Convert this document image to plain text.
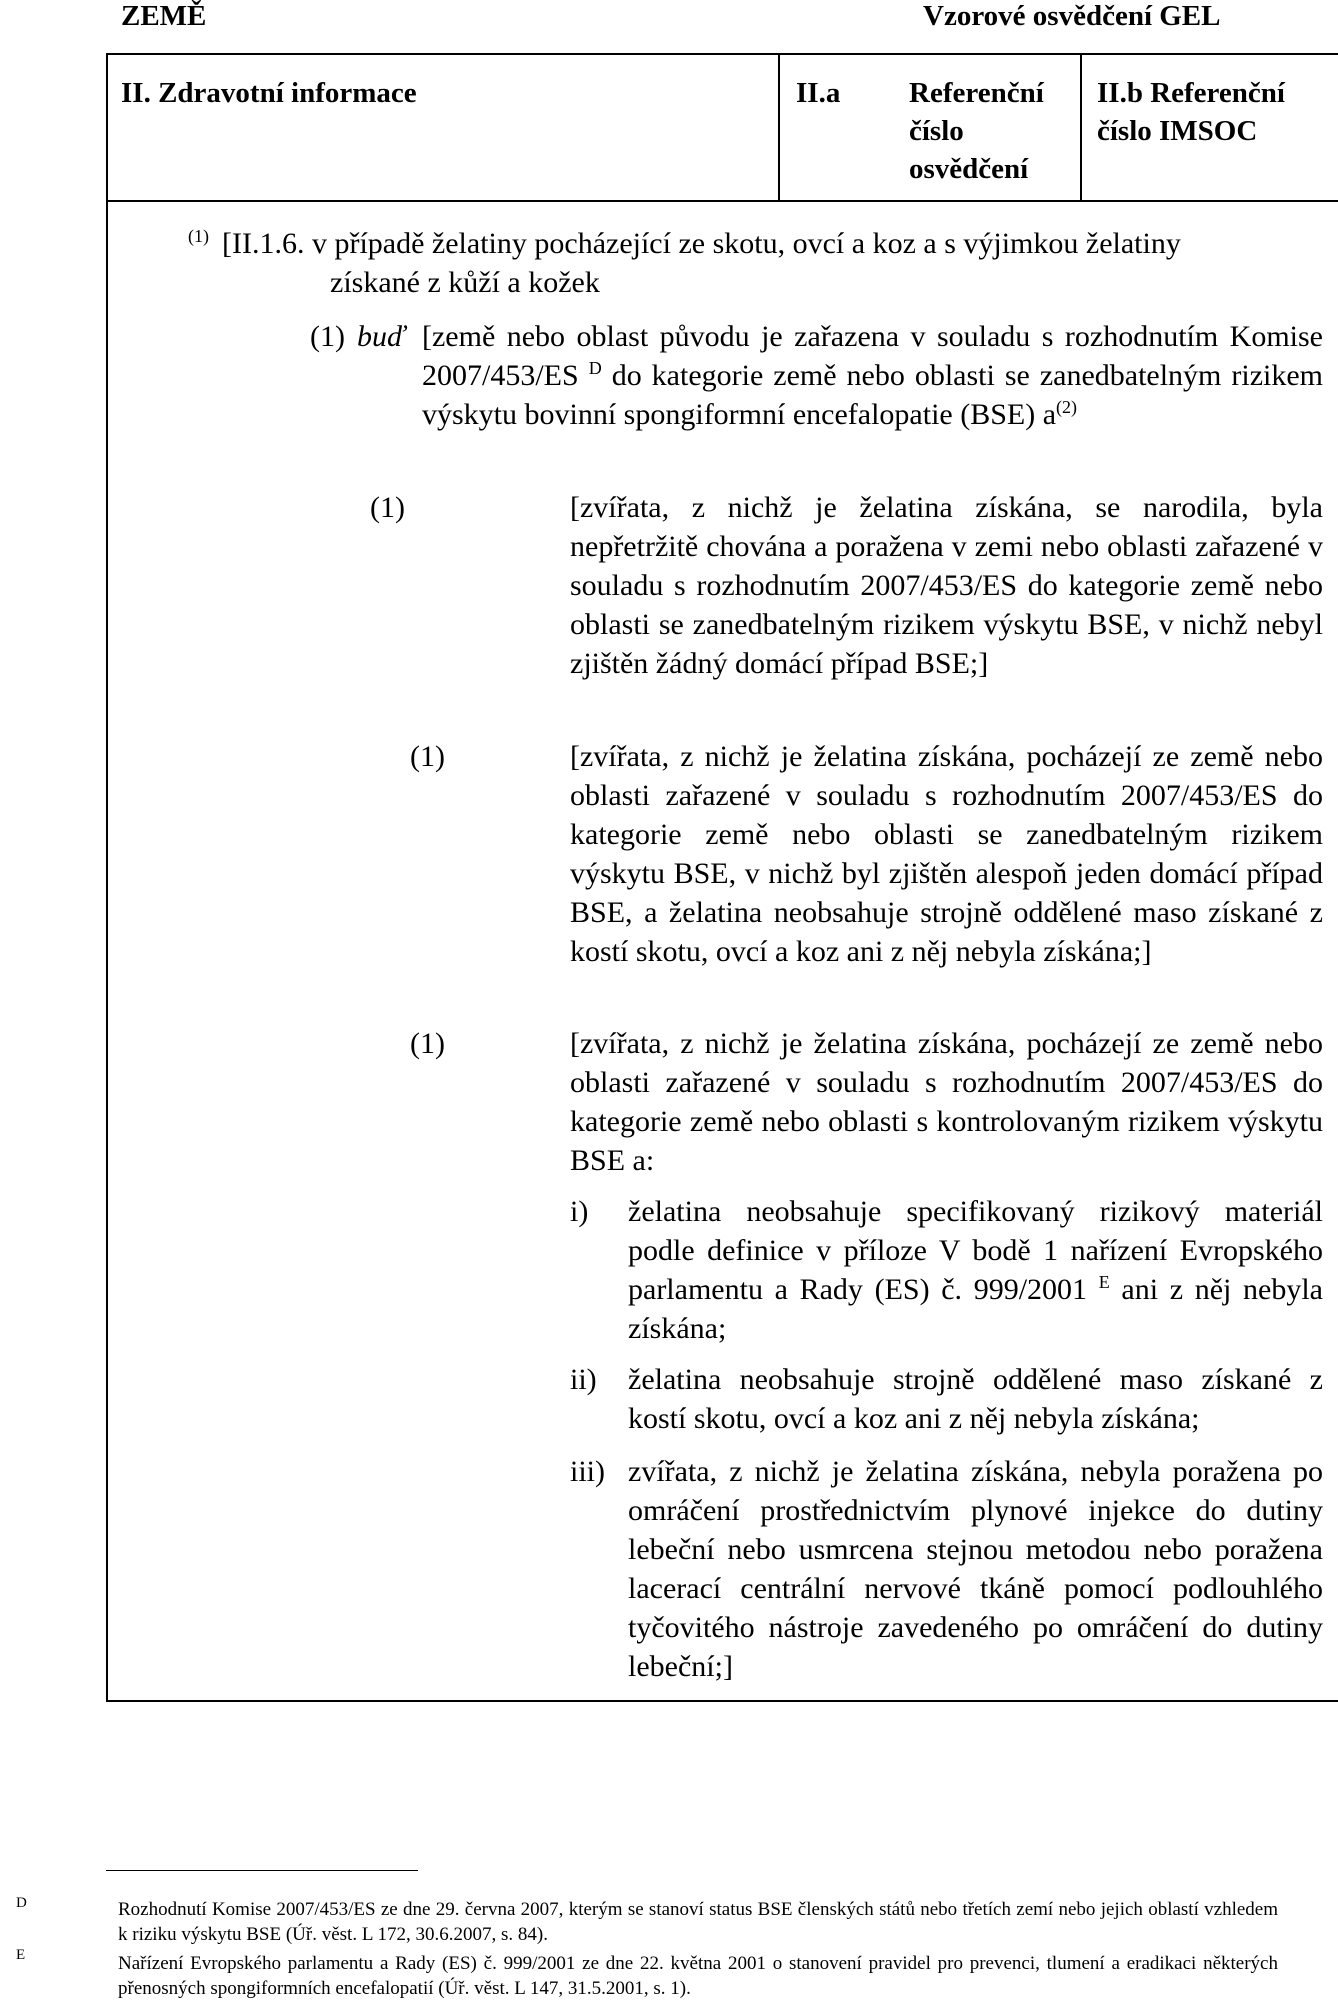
ZEMĚ	Vzorové osvědčení GEL
II. Zdravotní informace	II.a Referenční
číslo
osvědčení
II.b Referenční
číslo IMSOC
$^{(1)}$ [II.1.6. v případě želatiny pocházející ze skotu, ovcí a koz a s výjimkou želatiny
získané z kůží a kožek
(1) buď [země nebo oblast původu je zařazena v souladu s rozhodnutím Komise 2007/453/ES $^D$ do kategorie země nebo oblasti se zanedbatelným rizikem výskytu bovinní spongiformní encefalopatie (BSE) $a^{(2)}$
(1)	[zvířata, z nichž je želatina získána, se narodila, byla nepřetržitě chována a poražena v zemi nebo oblasti zařazené v souladu s rozhodnutím 2007/453/ES do kategorie země nebo oblasti se zanedbatelným rizikem výskytu BSE, v nichž nebyl zjištěn žádný domácí případ BSE;]
(1)	[zvířata, z nichž je želatina získána, pocházejí ze země nebo oblasti zařazené v souladu s rozhodnutím 2007/453/ES do kategorie země nebo oblasti se zanedbatelným rizikem výskytu BSE, v nichž byl zjištěn alespoň jeden domácí případ BSE, a želatina neobsahuje strojně oddělené maso získané z kostí skotu, ovcí a koz ani z něj nebyla získána;]
(1)	[zvířata, z nichž je želatina získána, pocházejí ze země nebo oblasti zařazené v souladu s rozhodnutím 2007/453/ES do kategorie země nebo oblasti s kontrolovaným rizikem výskytu BSE a:
i) želatina neobsahuje specifikovaný rizikový materiál podle definice v příloze V bodě 1 nařízení Evropského parlamentu a Rady (ES) č. 999/2001 $^E$ ani z něj nebyla získána;
ii) želatina neobsahuje strojně oddělené maso získané z kostí skotu, ovcí a koz ani z něj nebyla získána;
iii) zvířata, z nichž je želatina získána, nebyla poražena po omráčení prostřednictvím plynové injekce do dutiny lebeční nebo usmrcena stejnou metodou nebo poražena lacerací centrální nervové tkáně pomocí podlouhlého tyčovitého nástroje zavedeného po omráčení do dutiny lebeční;]
D	Rozhodnutí Komise 2007/453/ES ze dne 29. června 2007, kterým se stanoví status BSE členských států nebo třetích zemí nebo jejich oblastí vzhledem k riziku výskytu BSE (Úř. věst. L 172, 30.6.2007, s. 84).
E	Nařízení Evropského parlamentu a Rady (ES) č. 999/2001 ze dne 22. května 2001 o stanovení pravidel pro prevenci, tlumení a eradikaci některých přenosných spongiformních encefalopatií (Úř. věst. L 147, 31.5.2001, s. 1).
